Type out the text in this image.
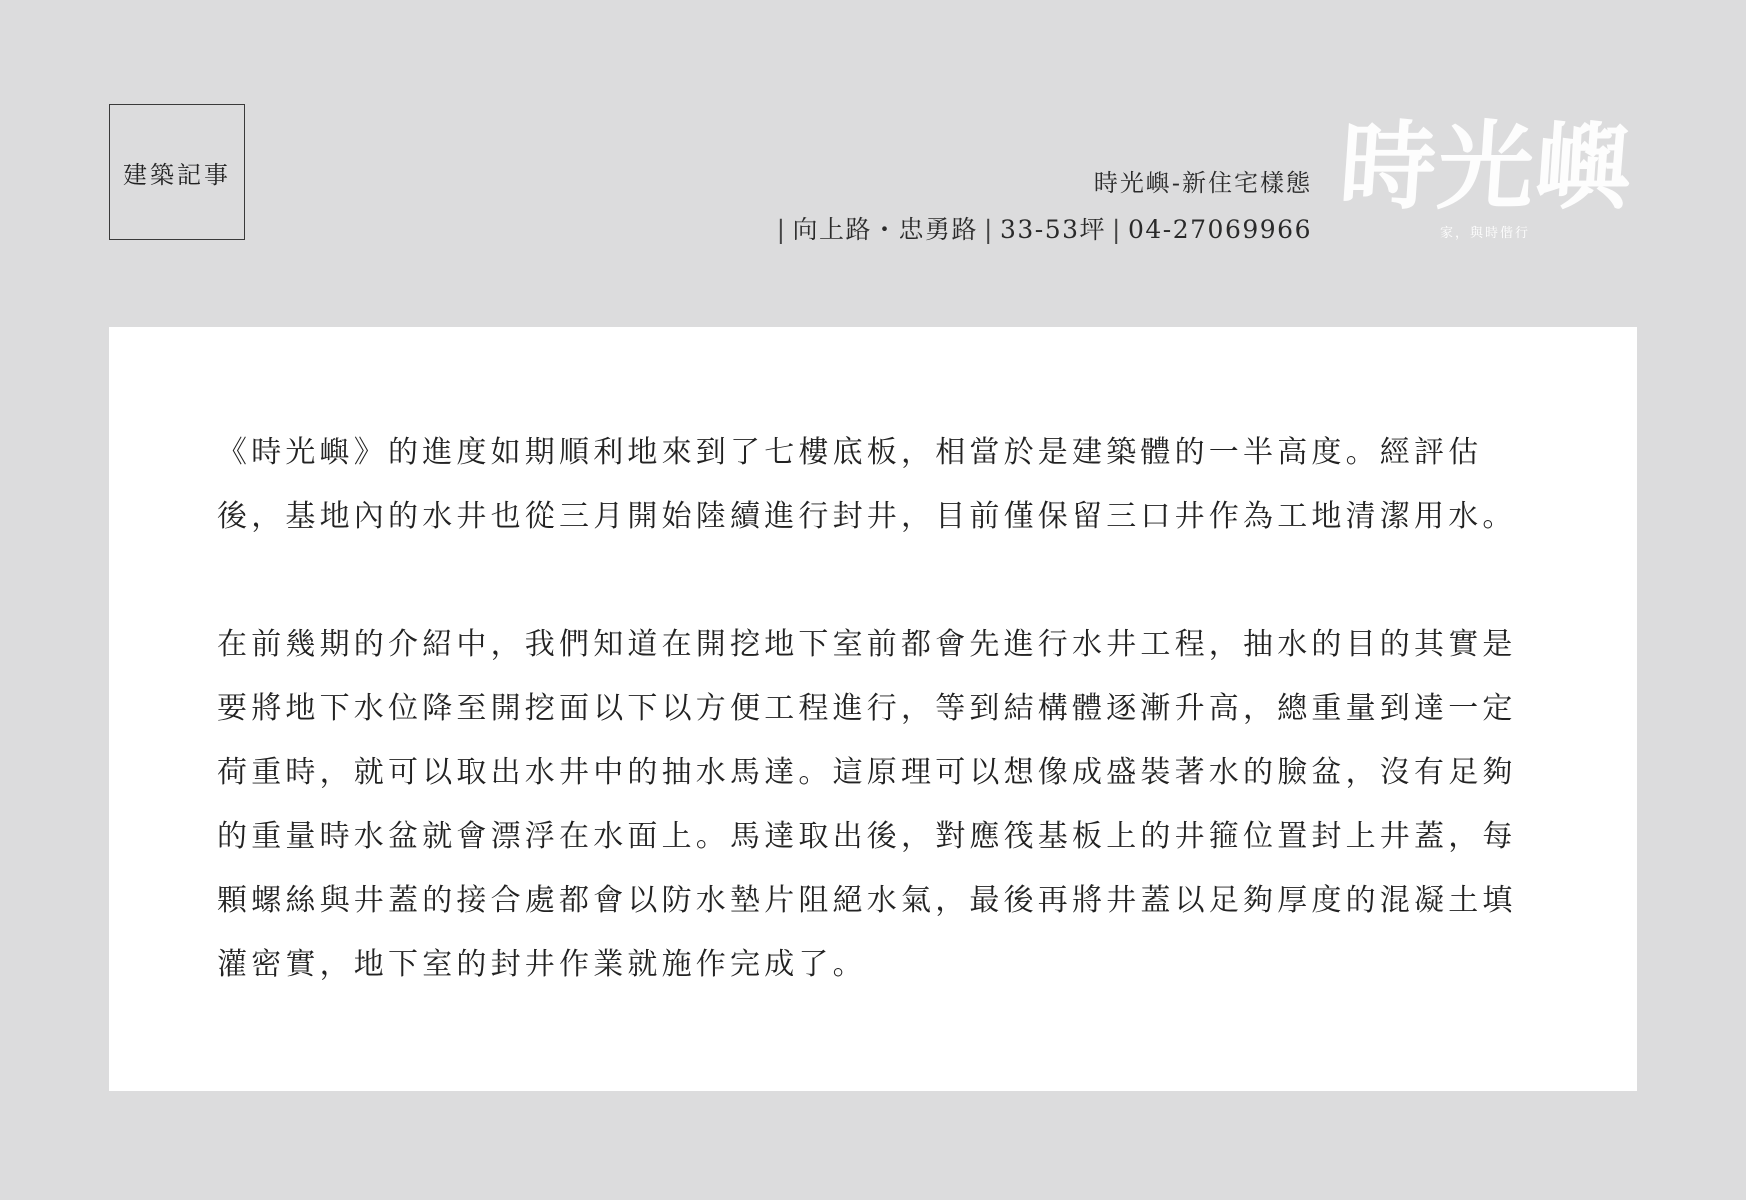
建築記事	時光嶼-新住宅樣態
| 向上路・忠勇路 | 33-53坪 | 04-27069966
時光嶼
家，與時偕行

《時光嶼》的進度如期順利地來到了七樓底板，相當於是建築體的一半高度。經評估後，基地內的水井也從三月開始陸續進行封井，目前僅保留三口井作為工地清潔用水。

在前幾期的介紹中，我們知道在開挖地下室前都會先進行水井工程，抽水的目的其實是要將地下水位降至開挖面以下以方便工程進行，等到結構體逐漸升高，總重量到達一定荷重時，就可以取出水井中的抽水馬達。這原理可以想像成盛裝著水的臉盆，沒有足夠的重量時水盆就會漂浮在水面上。馬達取出後，對應筏基板上的井箍位置封上井蓋，每顆螺絲與井蓋的接合處都會以防水墊片阻絕水氣，最後再將井蓋以足夠厚度的混凝土填灌密實，地下室的封井作業就施作完成了。
